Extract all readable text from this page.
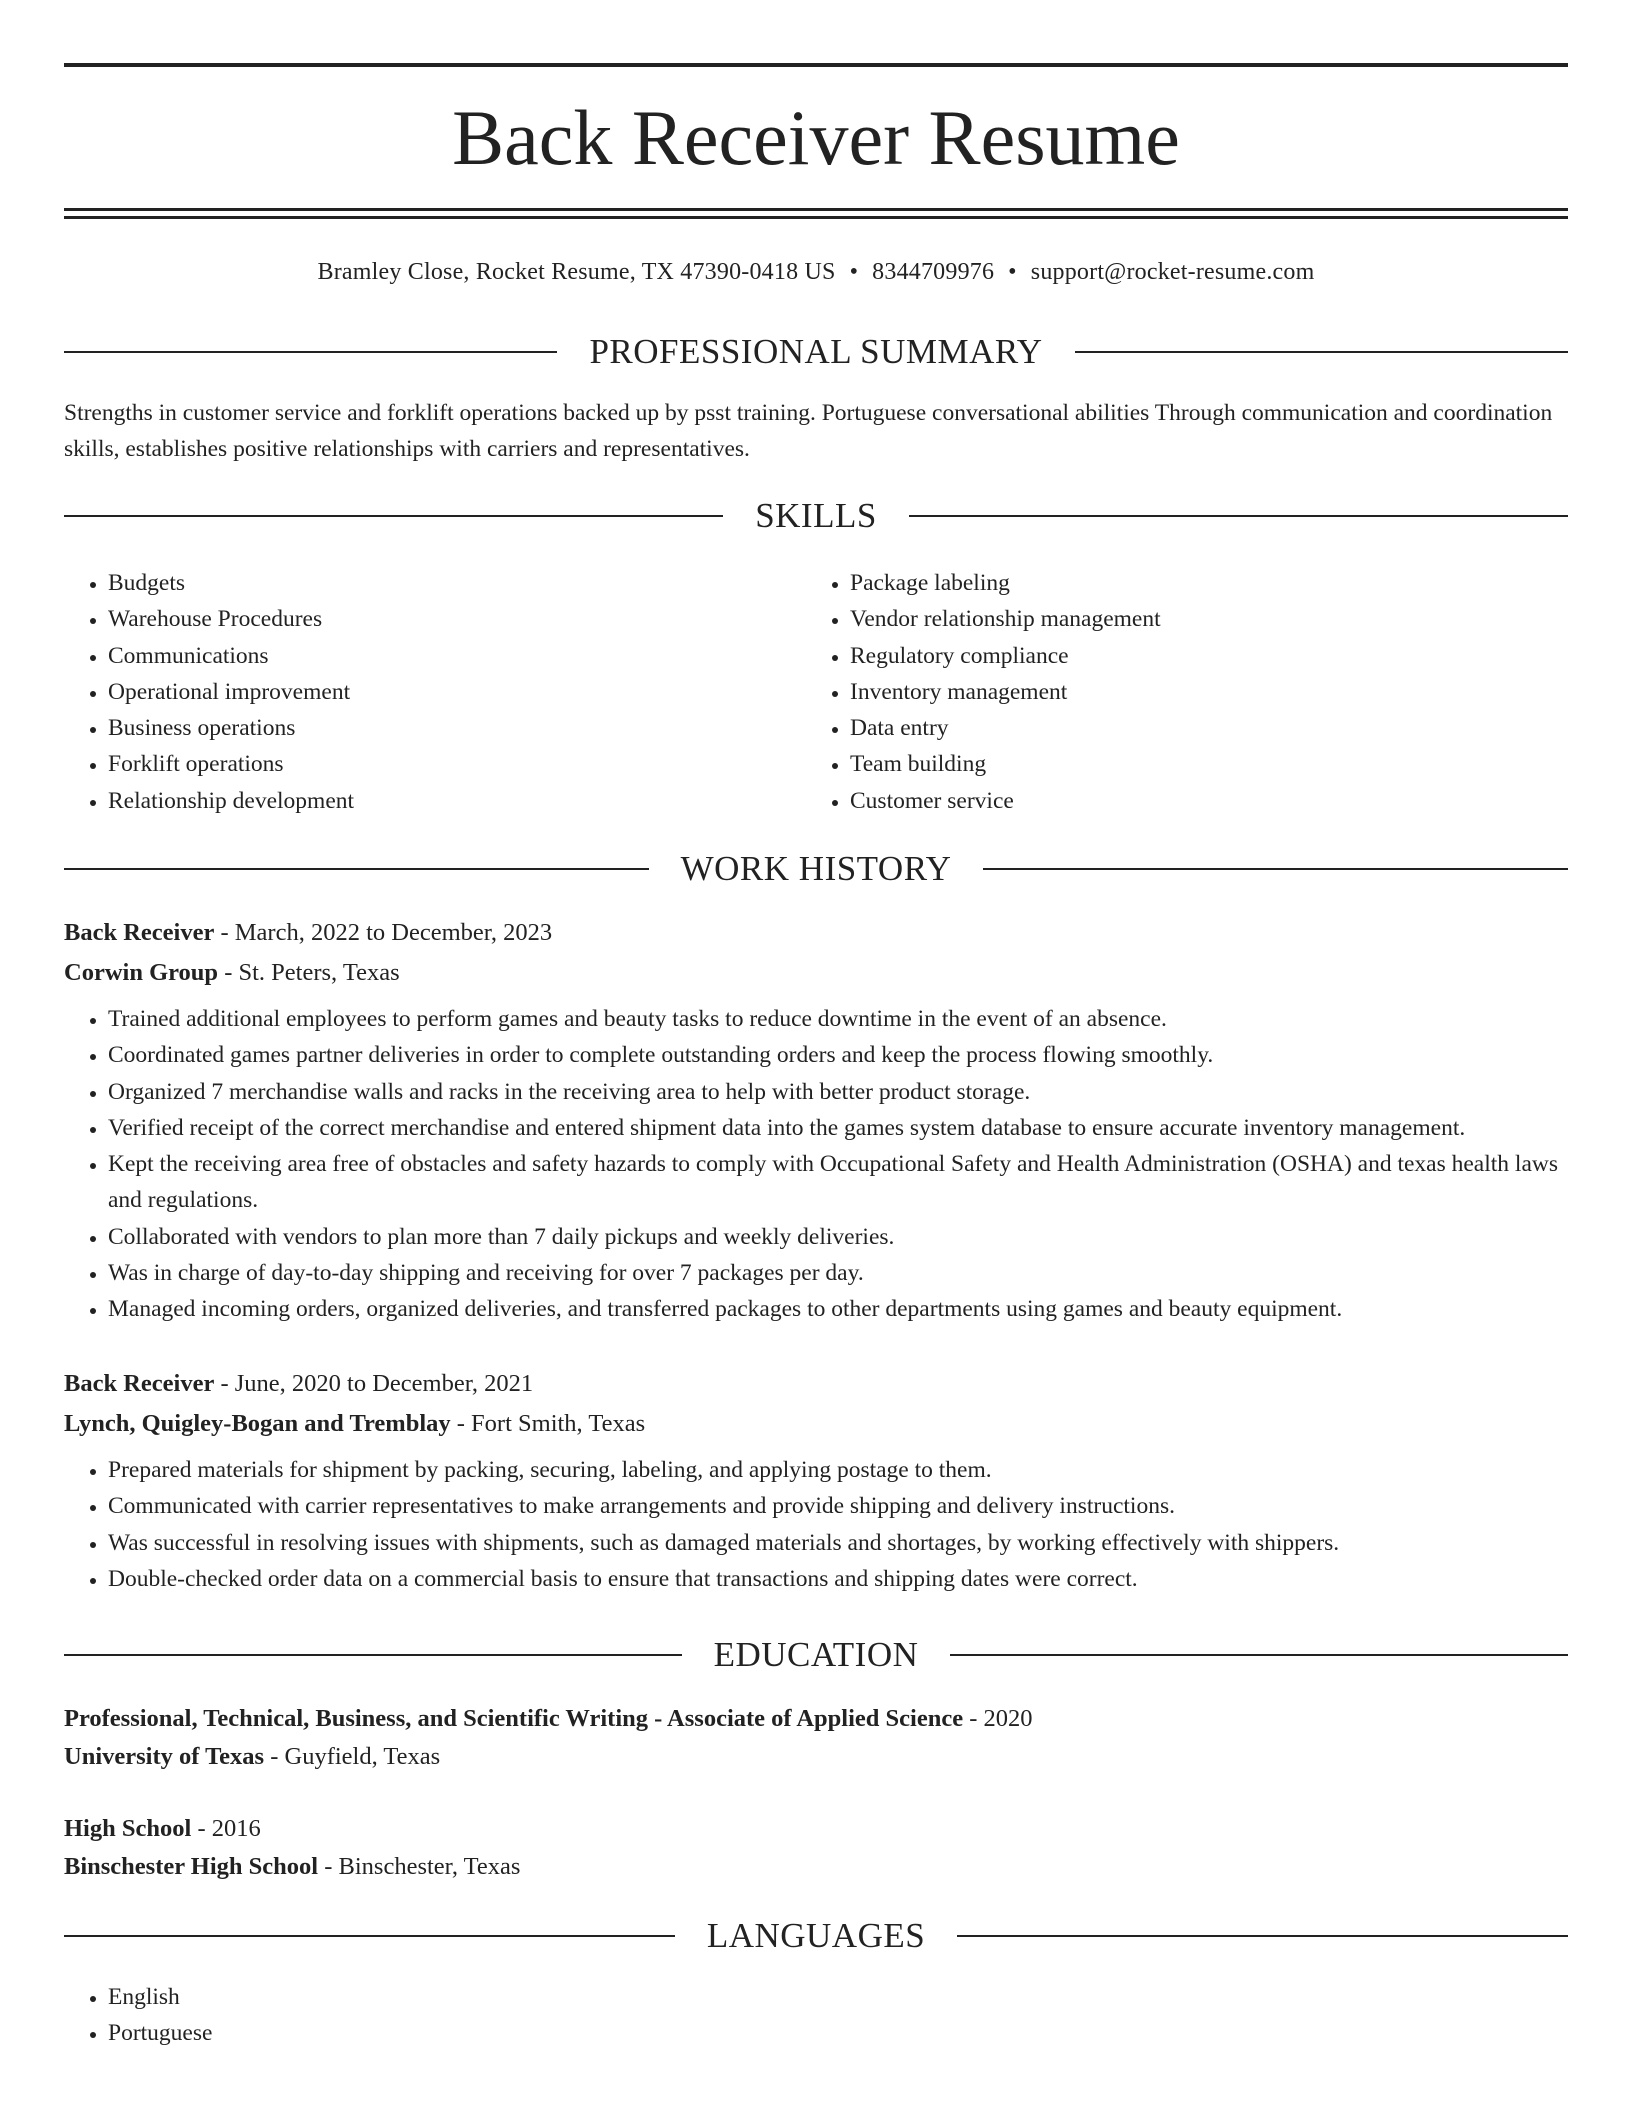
Back Receiver Resume
Bramley Close, Rocket Resume, TX 47390-0418 US • 8344709976 • support@rocket-resume.com
PROFESSIONAL SUMMARY

Strengths in customer service and forklift operations backed up by psst training. Portuguese conversational abilities Through communication and coordination skills, establishes positive relationships with carriers and representatives.

SKILLS
• Budgets
• Warehouse Procedures
• Communications
• Operational improvement
• Business operations
• Forklift operations
• Relationship development
• Package labeling
• Vendor relationship management
• Regulatory compliance
• Inventory management
• Data entry
• Team building
• Customer service
WORK HISTORY
Back Receiver - March, 2022 to December, 2023
Corwin Group - St. Peters, Texas
• Trained additional employees to perform games and beauty tasks to reduce downtime in the event of an absence.
• Coordinated games partner deliveries in order to complete outstanding orders and keep the process flowing smoothly.
• Organized 7 merchandise walls and racks in the receiving area to help with better product storage.
• Verified receipt of the correct merchandise and entered shipment data into the games system database to ensure accurate inventory management.
• Kept the receiving area free of obstacles and safety hazards to comply with Occupational Safety and Health Administration (OSHA) and texas health laws and regulations.
• Collaborated with vendors to plan more than 7 daily pickups and weekly deliveries.
• Was in charge of day-to-day shipping and receiving for over 7 packages per day.
• Managed incoming orders, organized deliveries, and transferred packages to other departments using games and beauty equipment.
Back Receiver - June, 2020 to December, 2021
Lynch, Quigley-Bogan and Tremblay - Fort Smith, Texas
• Prepared materials for shipment by packing, securing, labeling, and applying postage to them.
• Communicated with carrier representatives to make arrangements and provide shipping and delivery instructions.
• Was successful in resolving issues with shipments, such as damaged materials and shortages, by working effectively with shippers.
• Double-checked order data on a commercial basis to ensure that transactions and shipping dates were correct.
EDUCATION
Professional, Technical, Business, and Scientific Writing - Associate of Applied Science - 2020
University of Texas - Guyfield, Texas
High School - 2016
Binschester High School - Binschester, Texas
LANGUAGES
• English
• Portuguese
